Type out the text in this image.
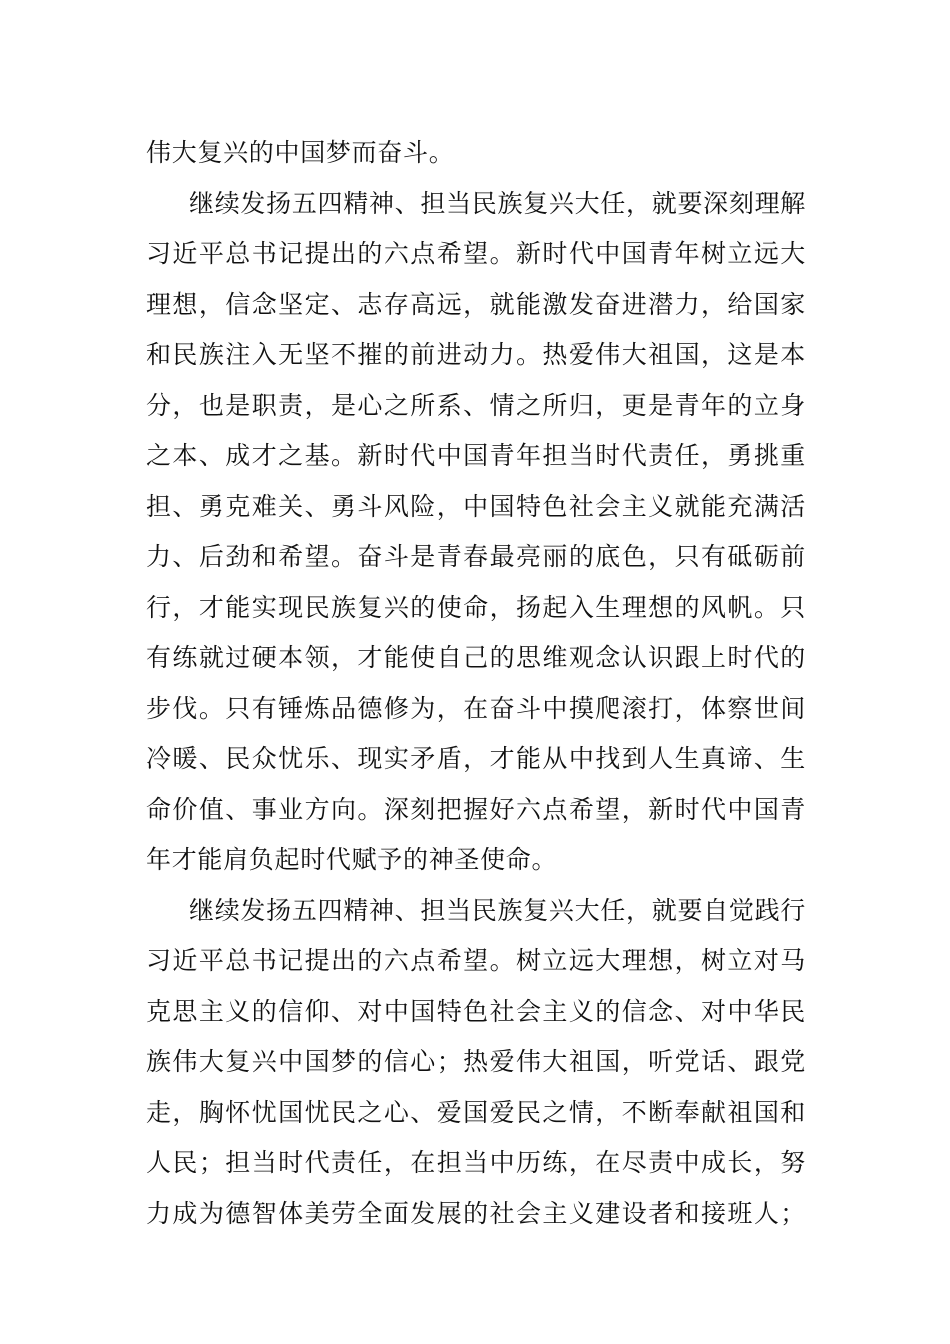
伟大复兴的中国梦而奋斗。
继续发扬五四精神、担当民族复兴大任，就要深刻理解
习近平总书记提出的六点希望。新时代中国青年树立远大
理想，信念坚定、志存高远，就能激发奋进潜力，给国家
和民族注入无坚不摧的前进动力。热爱伟大祖国，这是本
分，也是职责，是心之所系、情之所归，更是青年的立身
之本、成才之基。新时代中国青年担当时代责任，勇挑重
担、勇克难关、勇斗风险，中国特色社会主义就能充满活
力、后劲和希望。奋斗是青春最亮丽的底色，只有砥砺前
行，才能实现民族复兴的使命，扬起入生理想的风帆。只
有练就过硬本领，才能使自己的思维观念认识跟上时代的
步伐。只有锤炼品德修为，在奋斗中摸爬滚打，体察世间
冷暖、民众忧乐、现实矛盾，才能从中找到人生真谛、生
命价值、事业方向。深刻把握好六点希望，新时代中国青
年才能肩负起时代赋予的神圣使命。
继续发扬五四精神、担当民族复兴大任，就要自觉践行
习近平总书记提出的六点希望。树立远大理想，树立对马
克思主义的信仰、对中国特色社会主义的信念、对中华民
族伟大复兴中国梦的信心；热爱伟大祖国，听党话、跟党
走，胸怀忧国忧民之心、爱国爱民之情，不断奉献祖国和
人民；担当时代责任，在担当中历练，在尽责中成长，努
力成为德智体美劳全面发展的社会主义建设者和接班人；
